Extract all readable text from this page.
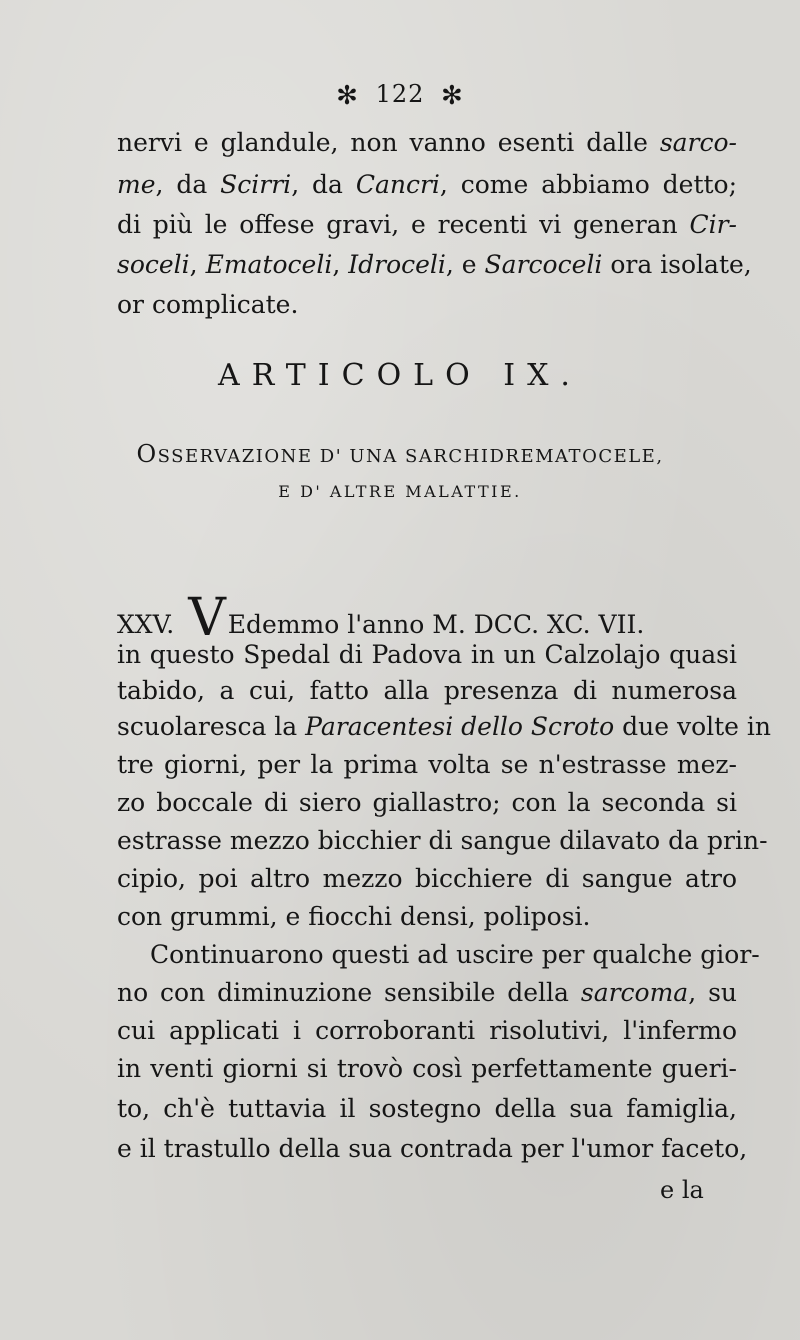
✻ 122 ✻
nervi e glandule, non vanno esenti dalle sarco-
me, da Scirri, da Cancri, come abbiamo detto;
di più le offese gravi, e recenti vi generan Cir-
soceli, Ematoceli, Idroceli, e Sarcoceli ora isolate,
or complicate.
ARTICOLO IX.
OSSERVAZIONE D' UNA SARCHIDREMATOCELE,
E D' ALTRE MALATTIE.
XXV. VEdemmo l'anno M. DCC. XC. VII.
in questo Spedal di Padova in un Calzolajo quasi
tabido, a cui, fatto alla presenza di numerosa
scuolaresca la Paracentesi dello Scroto due volte in
tre giorni, per la prima volta se n'estrasse mez-
zo boccale di siero giallastro; con la seconda si
estrasse mezzo bicchier di sangue dilavato da prin-
cipio, poi altro mezzo bicchiere di sangue atro
con grummi, e fiocchi densi, poliposi.
Continuarono questi ad uscire per qualche gior-
no con diminuzione sensibile della sarcoma, su
cui applicati i corroboranti risolutivi, l'infermo
in venti giorni si trovò così perfettamente gueri-
to, ch'è tuttavia il sostegno della sua famiglia,
e il trastullo della sua contrada per l'umor faceto,
e la
